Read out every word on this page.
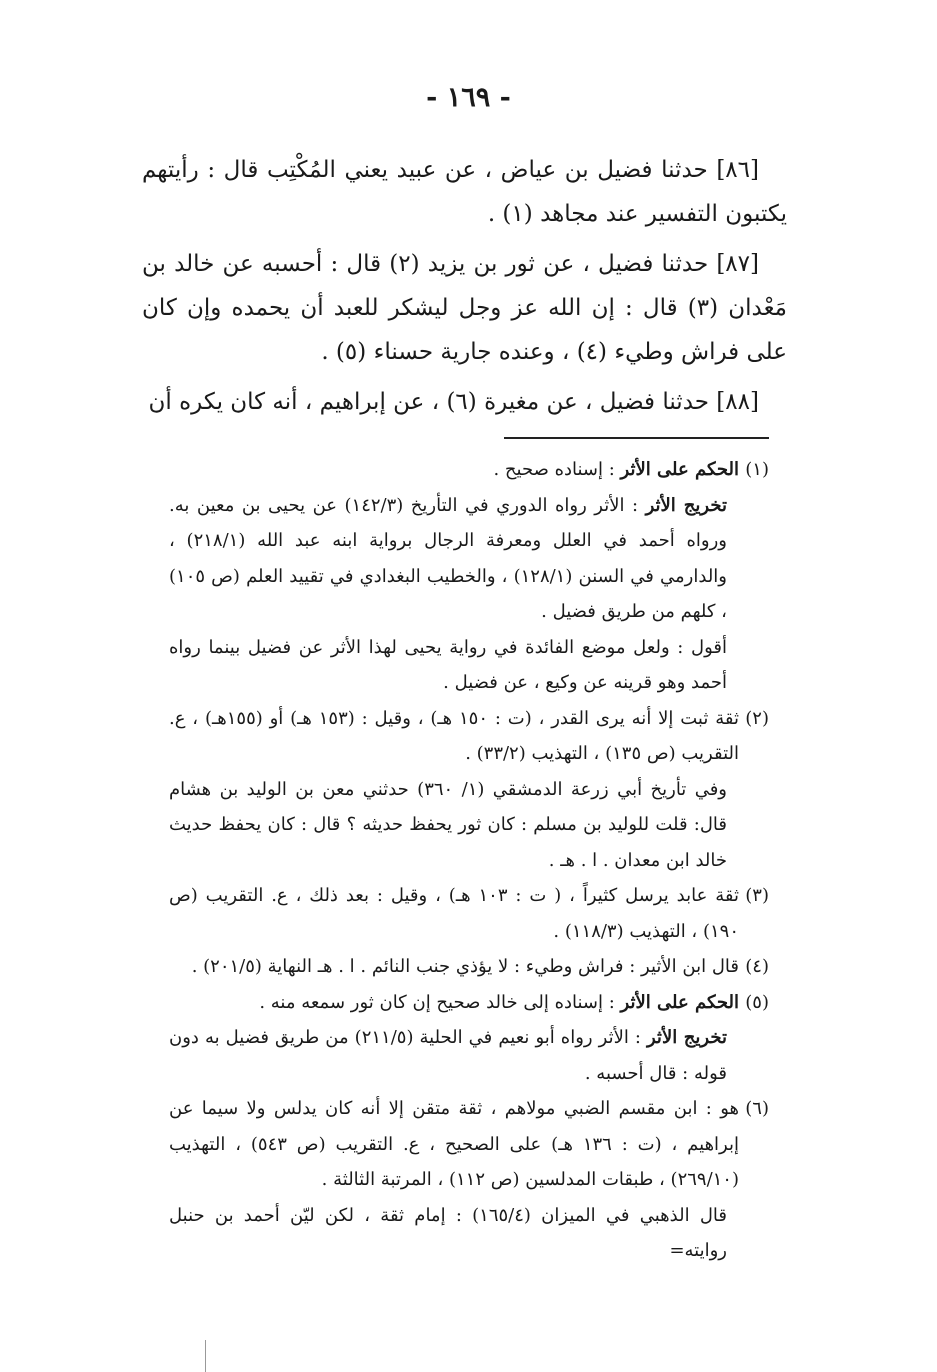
- ١٦٩ -

[٨٦] حدثنا فضيل بن عياض ، عن عبيد يعني المُكْتِب قال : رأيتهم يكتبون التفسير عند مجاهد (١) .

[٨٧] حدثنا فضيل ، عن ثور بن يزيد (٢) قال : أحسبه عن خالد بن مَعْدان (٣) قال : إن الله عز وجل ليشكر للعبد أن يحمده وإن كان على فراش وطيء (٤) ، وعنده جارية حسناء (٥) .

[٨٨] حدثنا فضيل ، عن مغيرة (٦) ، عن إبراهيم ، أنه كان يكره أن

(١)
الحكم على الأثر : إسناده صحيح .
تخريج الأثر : الأثر رواه الدوري في التأريخ (١٤٢/٣) عن يحيى بن معين به. ورواه أحمد في العلل ومعرفة الرجال برواية ابنه عبد الله (٢١٨/١) ، والدارمي في السنن (١٢٨/١) ، والخطيب البغدادي في تقييد العلم (ص ١٠٥) ، كلهم من طريق فضيل .
أقول : ولعل موضع الفائدة في رواية يحيى لهذا الأثر عن فضيل بينما رواه أحمد وهو قرينه عن وكيع ، عن فضيل .
(٢)
ثقة ثبت إلا أنه يرى القدر ، (ت : ١٥٠ هـ) ، وقيل : (١٥٣ هـ) أو (١٥٥هـ) ، ع. التقريب (ص ١٣٥) ، التهذيب (٣٣/٢) .
وفي تأريخ أبي زرعة الدمشقي (١/ ٣٦٠) حدثني معن بن الوليد بن هشام قال: قلت للوليد بن مسلم : كان ثور يحفظ حديثه ؟ قال : كان يحفظ حديث خالد ابن معدان . ا . هـ .
(٣)
ثقة عابد يرسل كثيراً ، ( ت : ١٠٣ هـ) ، وقيل : بعد ذلك ، ع. التقريب (ص ١٩٠) ، التهذيب (١١٨/٣) .
(٤)
قال ابن الأثير : فراش وطيء : لا يؤذي جنب النائم . ا . هـ النهاية (٢٠١/٥) .
(٥)
الحكم على الأثر : إسناده إلى خالد صحيح إن كان ثور سمعه منه .
تخريج الأثر : الأثر رواه أبو نعيم في الحلية (٢١١/٥) من طريق فضيل به دون قوله : قال أحسبه .
(٦)
هو : ابن مقسم الضبي مولاهم ، ثقة متقن إلا أنه كان يدلس ولا سيما عن إبراهيم ، (ت : ١٣٦ هـ) على الصحيح ، ع. التقريب (ص ٥٤٣) ، التهذيب (٢٦٩/١٠) ، طبقات المدلسين (ص ١١٢) ، المرتبة الثالثة .
قال الذهبي في الميزان (١٦٥/٤) : إمام ثقة ، لكن ليّن أحمد بن حنبل روايته=
